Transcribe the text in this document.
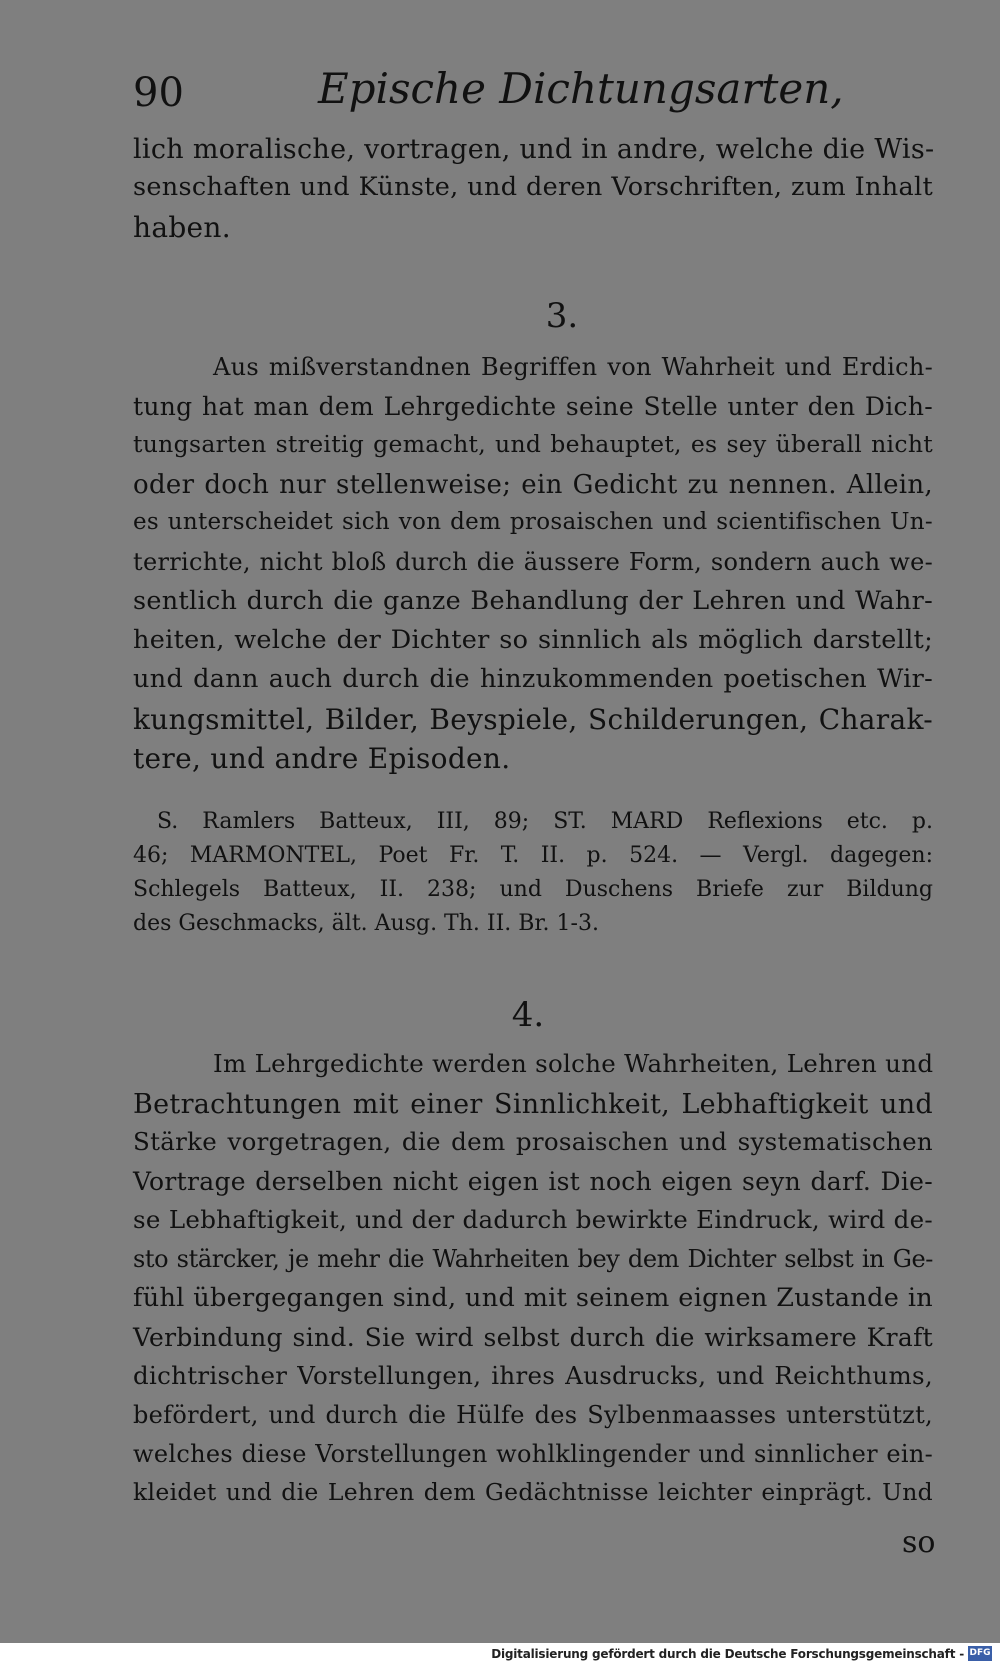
90	Epische Dichtungsarten,

lich moralische, vortragen, und in andre, welche die Wis-

senschaften und Künste, und deren Vorschriften, zum Inhalt

haben.

3.

Aus mißverstandnen Begriffen von Wahrheit und Erdich-

tung hat man dem Lehrgedichte seine Stelle unter den Dich-

tungsarten streitig gemacht, und behauptet, es sey überall nicht

oder doch nur stellenweise; ein Gedicht zu nennen. Allein,

es unterscheidet sich von dem prosaischen und scientifischen Un-

terrichte, nicht bloß durch die äussere Form, sondern auch we-

sentlich durch die ganze Behandlung der Lehren und Wahr-

heiten, welche der Dichter so sinnlich als möglich darstellt;

und dann auch durch die hinzukommenden poetischen Wir-

kungsmittel, Bilder, Beyspiele, Schilderungen, Charak-

tere, und andre Episoden.

S. Ramlers Batteux, III, 89; ST. MARD Reflexions etc. p.

46; MARMONTEL, Poet Fr. T. II. p. 524. — Vergl. dagegen:

Schlegels Batteux, II. 238; und Duschens Briefe zur Bildung

des Geschmacks, ält. Ausg. Th. II. Br. 1-3.

4.

Im Lehrgedichte werden solche Wahrheiten, Lehren und

Betrachtungen mit einer Sinnlichkeit, Lebhaftigkeit und

Stärke vorgetragen, die dem prosaischen und systematischen

Vortrage derselben nicht eigen ist noch eigen seyn darf. Die-

se Lebhaftigkeit, und der dadurch bewirkte Eindruck, wird de-

sto stärcker, je mehr die Wahrheiten bey dem Dichter selbst in Ge-

fühl übergegangen sind, und mit seinem eignen Zustande in

Verbindung sind. Sie wird selbst durch die wirksamere Kraft

dichtrischer Vorstellungen, ihres Ausdrucks, und Reichthums,

befördert, und durch die Hülfe des Sylbenmaasses unterstützt,

welches diese Vorstellungen wohlklingender und sinnlicher ein-

kleidet und die Lehren dem Gedächtnisse leichter einprägt. Und

so
Digitalisierung gefördert durch die Deutsche Forschungsgemeinschaft - DFG
